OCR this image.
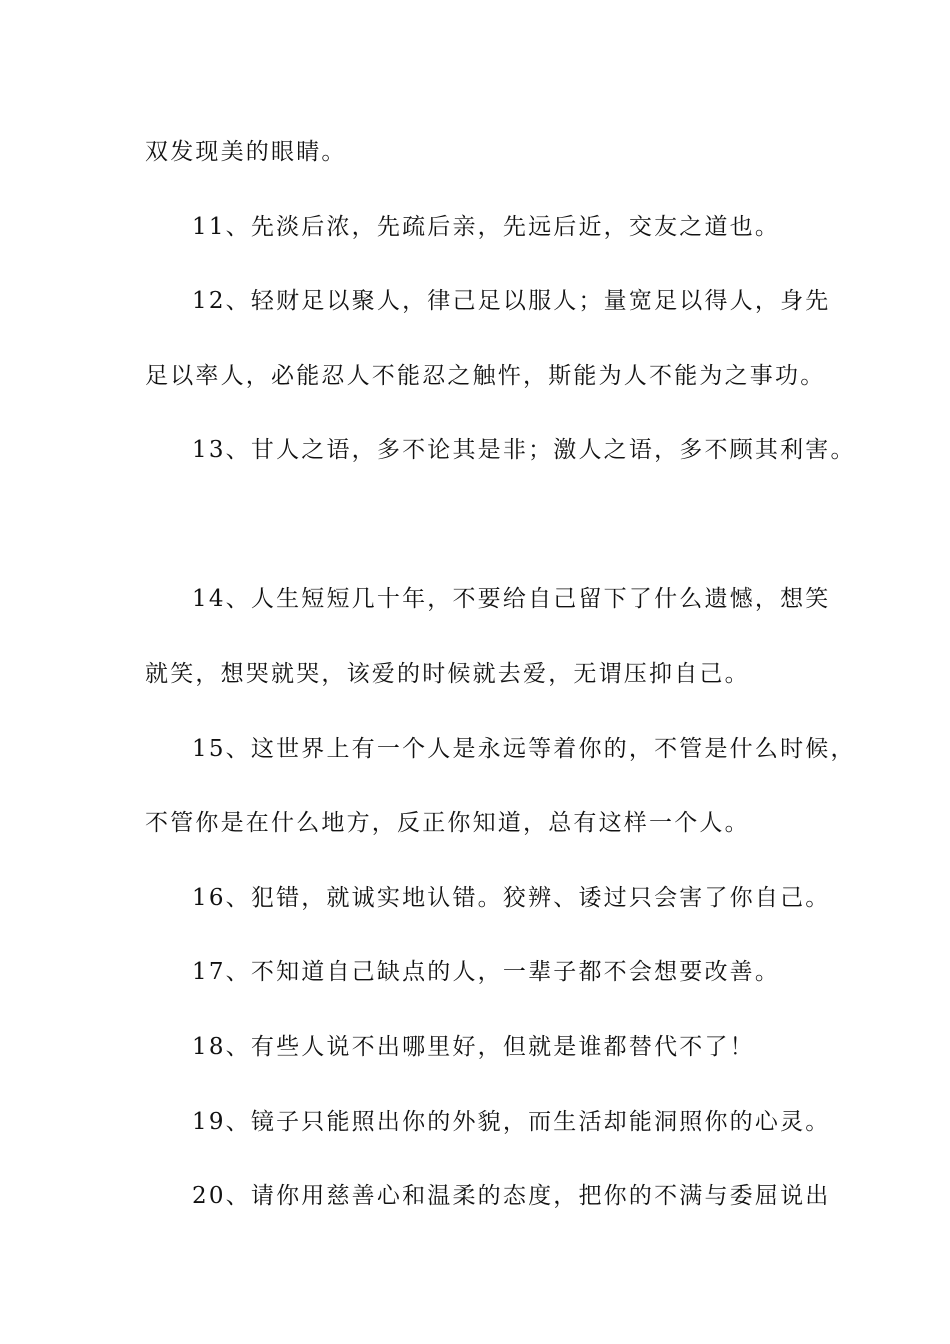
双发现美的眼睛。
11、先淡后浓，先疏后亲，先远后近，交友之道也。
12、轻财足以聚人，律己足以服人；量宽足以得人，身先
足以率人，必能忍人不能忍之触忤，斯能为人不能为之事功。
13、甘人之语，多不论其是非；激人之语，多不顾其利害。
14、人生短短几十年，不要给自己留下了什么遗憾，想笑
就笑，想哭就哭，该爱的时候就去爱，无谓压抑自己。
15、这世界上有一个人是永远等着你的，不管是什么时候，
不管你是在什么地方，反正你知道，总有这样一个人。
16、犯错，就诚实地认错。狡辨、诿过只会害了你自己。
17、不知道自己缺点的人，一辈子都不会想要改善。
18、有些人说不出哪里好，但就是谁都替代不了！
19、镜子只能照出你的外貌，而生活却能洞照你的心灵。
20、请你用慈善心和温柔的态度，把你的不满与委屈说出
